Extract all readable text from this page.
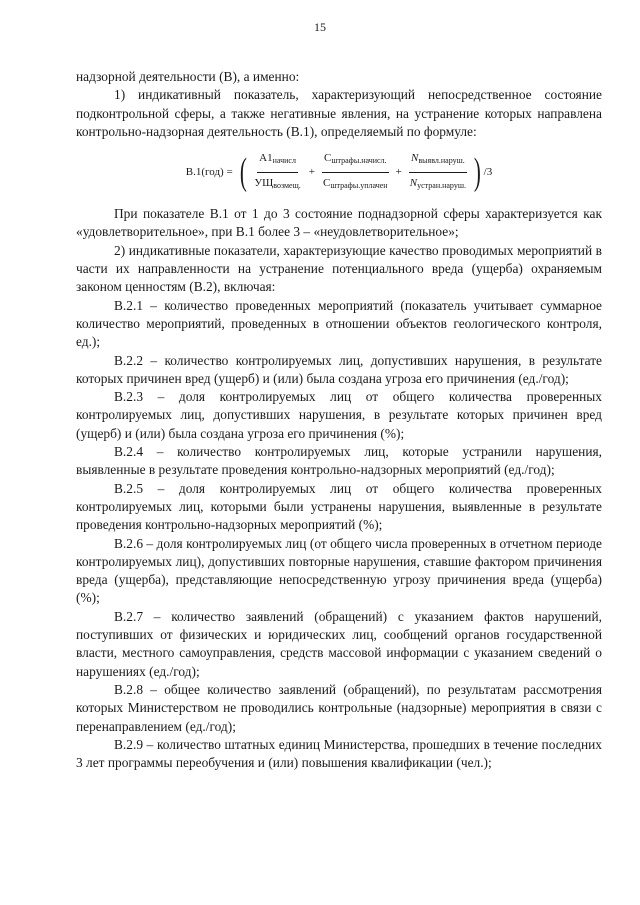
15

надзорной деятельности (В), а именно:

1) индикативный показатель, характеризующий непосредственное состояние подконтрольной сферы, а также негативные явления, на устранение которых направлена контрольно-надзорная деятельность (В.1), определяемый по формуле:

В.1(год) = ( $\frac{А1_{начисл}}{УЩ_{возмещ.}} + \frac{С_{штрафы.начисл.}}{С_{штрафы.уплачен}} + \frac{N_{выявл.наруш.}}{N_{устран.наруш.}}$ ) /3

При показателе В.1 от 1 до 3 состояние поднадзорной сферы характеризуется как «удовлетворительное», при В.1 более 3 – «неудовлетворительное»;

2) индикативные показатели, характеризующие качество проводимых мероприятий в части их направленности на устранение потенциального вреда (ущерба) охраняемым законом ценностям (В.2), включая:

В.2.1 – количество проведенных мероприятий (показатель учитывает суммарное количество мероприятий, проведенных в отношении объектов геологического контроля, ед.);

В.2.2 – количество контролируемых лиц, допустивших нарушения, в результате которых причинен вред (ущерб) и (или) была создана угроза его причинения (ед./год);

В.2.3 – доля контролируемых лиц от общего количества проверенных контролируемых лиц, допустивших нарушения, в результате которых причинен вред (ущерб) и (или) была создана угроза его причинения (%);

В.2.4 – количество контролируемых лиц, которые устранили нарушения, выявленные в результате проведения контрольно-надзорных мероприятий (ед./год);

В.2.5 – доля контролируемых лиц от общего количества проверенных контролируемых лиц, которыми были устранены нарушения, выявленные в результате проведения контрольно-надзорных мероприятий (%);

В.2.6 – доля контролируемых лиц (от общего числа проверенных в отчетном периоде контролируемых лиц), допустивших повторные нарушения, ставшие фактором причинения вреда (ущерба), представляющие непосредственную угрозу причинения вреда (ущерба) (%);

В.2.7 – количество заявлений (обращений) с указанием фактов нарушений, поступивших от физических и юридических лиц, сообщений органов государственной власти, местного самоуправления, средств массовой информации с указанием сведений о нарушениях (ед./год);

В.2.8 – общее количество заявлений (обращений), по результатам рассмотрения которых Министерством не проводились контрольные (надзорные) мероприятия в связи с перенаправлением (ед./год);

В.2.9 – количество штатных единиц Министерства, прошедших в течение последних 3 лет программы переобучения и (или) повышения квалификации (чел.);
